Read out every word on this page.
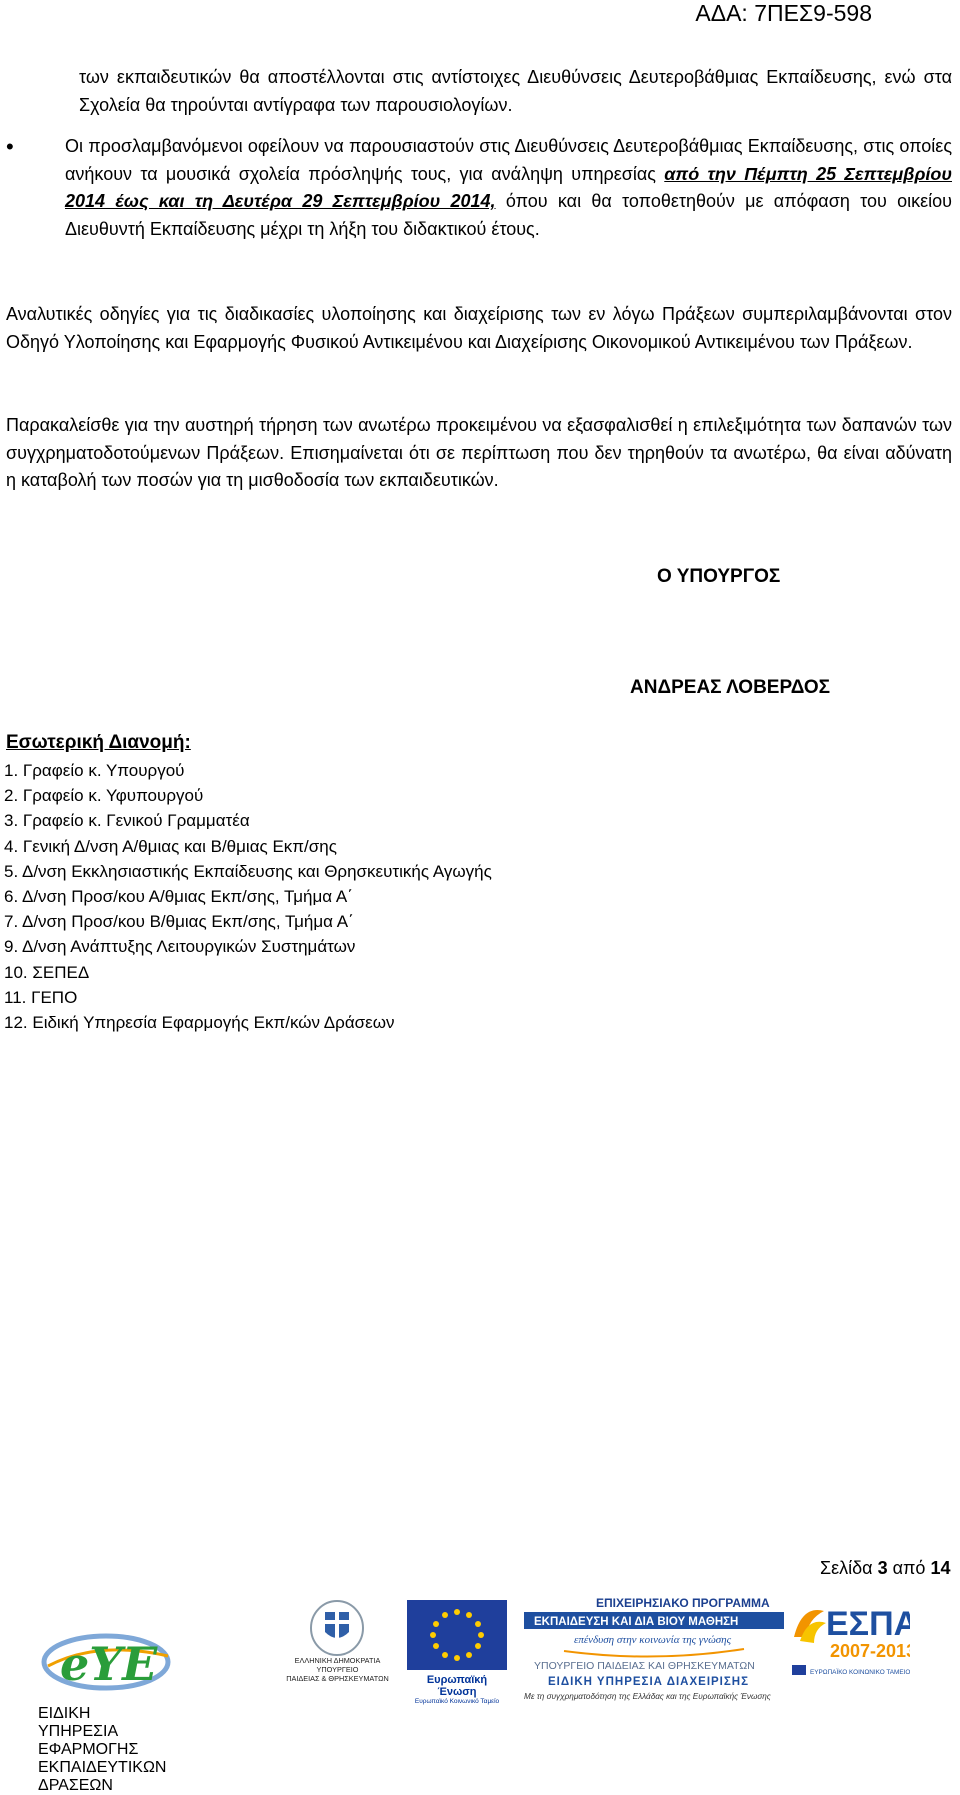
ΑΔΑ: 7ΠΕΣ9-598
των εκπαιδευτικών θα αποστέλλονται στις αντίστοιχες Διευθύνσεις Δευτεροβάθμιας Εκπαίδευσης, ενώ στα Σχολεία θα τηρούνται αντίγραφα των παρουσιολογίων.
•	Οι προσλαμβανόμενοι οφείλουν να παρουσιαστούν στις Διευθύνσεις Δευτεροβάθμιας Εκπαίδευσης, στις οποίες ανήκουν τα μουσικά σχολεία πρόσληψής τους, για ανάληψη υπηρεσίας από την Πέμπτη 25 Σεπτεμβρίου 2014 έως και τη Δευτέρα 29 Σεπτεμβρίου 2014, όπου και θα τοποθετηθούν με απόφαση του οικείου Διευθυντή Εκπαίδευσης μέχρι τη λήξη του διδακτικού έτους.
Αναλυτικές οδηγίες για τις διαδικασίες υλοποίησης και διαχείρισης των εν λόγω Πράξεων συμπεριλαμβάνονται στον Οδηγό Υλοποίησης και Εφαρμογής Φυσικού Αντικειμένου και Διαχείρισης Οικονομικού Αντικειμένου των Πράξεων.
Παρακαλείσθε για την αυστηρή τήρηση των ανωτέρω προκειμένου να εξασφαλισθεί η επιλεξιμότητα των δαπανών των συγχρηματοδοτούμενων Πράξεων. Επισημαίνεται ότι σε περίπτωση που δεν τηρηθούν τα ανωτέρω, θα είναι αδύνατη η καταβολή των ποσών για τη μισθοδοσία των εκπαιδευτικών.
Ο ΥΠΟΥΡΓΟΣ
ΑΝΔΡΕΑΣ ΛΟΒΕΡΔΟΣ
Εσωτερική Διανομή:
1. Γραφείο κ. Υπουργού
2. Γραφείο κ. Υφυπουργού
3. Γραφείο κ. Γενικού Γραμματέα
4. Γενική Δ/νση Α/θμιας και Β/θμιας Εκπ/σης
5. Δ/νση Εκκλησιαστικής Εκπαίδευσης και Θρησκευτικής Αγωγής
6. Δ/νση Προσ/κου Α/θμιας Εκπ/σης, Τμήμα Α΄
7. Δ/νση Προσ/κου Β/θμιας Εκπ/σης, Τμήμα Α΄
9. Δ/νση Ανάπτυξης Λειτουργικών Συστημάτων
10. ΣΕΠΕΔ
11. ΓΕΠΟ
12. Ειδική Υπηρεσία Εφαρμογής Εκπ/κών Δράσεων
Σελίδα 3 από 14
eYE
ΕΙΔΙΚΗ
ΥΠΗΡΕΣΙΑ
ΕΦΑΡΜΟΓΗΣ
ΕΚΠΑΙΔΕΥΤΙΚΩΝ
ΔΡΑΣΕΩΝ
ΕΛΛΗΝΙΚΗ ΔΗΜΟΚΡΑΤΙΑ
ΥΠΟΥΡΓΕΙΟ
ΠΑΙΔΕΙΑΣ & ΘΡΗΣΚΕΥΜΑΤΩΝ	Ευρωπαϊκή Ένωση
Ευρωπαϊκό Κοινωνικό Ταμείο
ΕΠΙΧΕΙΡΗΣΙΑΚΟ ΠΡΟΓΡΑΜΜΑ
ΕΚΠΑΙΔΕΥΣΗ ΚΑΙ ΔΙΑ ΒΙΟΥ ΜΑΘΗΣΗ
επένδυση στην κοινωνία της γνώσης
ΥΠΟΥΡΓΕΙΟ ΠΑΙΔΕΙΑΣ ΚΑΙ ΘΡΗΣΚΕΥΜΑΤΩΝ
ΕΙΔΙΚΗ ΥΠΗΡΕΣΙΑ ΔΙΑΧΕΙΡΙΣΗΣ
Με τη συγχρηματοδότηση της Ελλάδας και της Ευρωπαϊκής Ένωσης
ΕΣΠΑ
2007-2013
ΕΥΡΩΠΑΪΚΟ ΚΟΙΝΩΝΙΚΟ ΤΑΜΕΙΟ
